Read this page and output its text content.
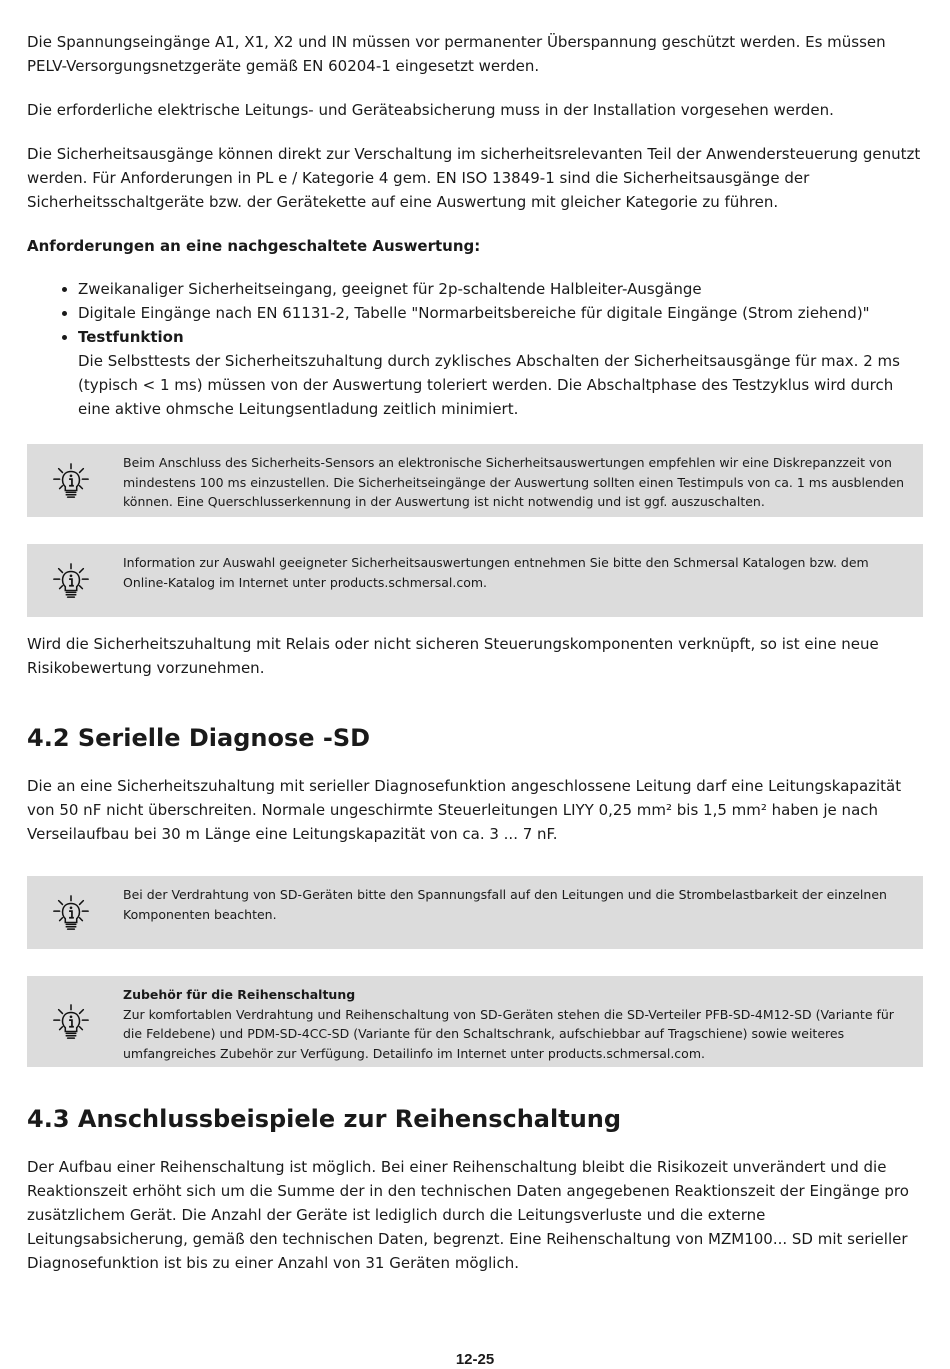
Die Spannungseingänge A1, X1, X2 und IN müssen vor permanenter Überspannung geschützt werden. Es müssen PELV-Versorgungsnetzgeräte gemäß EN 60204-1 eingesetzt werden.

Die erforderliche elektrische Leitungs- und Geräteabsicherung muss in der Installation vorgesehen werden.

Die Sicherheitsausgänge können direkt zur Verschaltung im sicherheitsrelevanten Teil der Anwendersteuerung genutzt werden. Für Anforderungen in PL e / Kategorie 4 gem. EN ISO 13849-1 sind die Sicherheitsausgänge der Sicherheitsschaltgeräte bzw. der Gerätekette auf eine Auswertung mit gleicher Kategorie zu führen.

Anforderungen an eine nachgeschaltete Auswertung:

• Zweikanaliger Sicherheitseingang, geeignet für 2p-schaltende Halbleiter-Ausgänge
• Digitale Eingänge nach EN 61131-2, Tabelle "Normarbeitsbereiche für digitale Eingänge (Strom ziehend)"
• Testfunktion
Die Selbsttests der Sicherheitszuhaltung durch zyklisches Abschalten der Sicherheitsausgänge für max. 2 ms (typisch < 1 ms) müssen von der Auswertung toleriert werden. Die Abschaltphase des Testzyklus wird durch eine aktive ohmsche Leitungsentladung zeitlich minimiert.
Beim Anschluss des Sicherheits-Sensors an elektronische Sicherheitsauswertungen empfehlen wir eine Diskrepanzzeit von mindestens 100 ms einzustellen. Die Sicherheitseingänge der Auswertung sollten einen Testimpuls von ca. 1 ms ausblenden können. Eine Querschlusserkennung in der Auswertung ist nicht notwendig und ist ggf. auszuschalten.
Information zur Auswahl geeigneter Sicherheitsauswertungen entnehmen Sie bitte den Schmersal Katalogen bzw. dem Online-Katalog im Internet unter products.schmersal.com.

Wird die Sicherheitszuhaltung mit Relais oder nicht sicheren Steuerungskomponenten verknüpft, so ist eine neue Risikobewertung vorzunehmen.

4.2 Serielle Diagnose -SD

Die an eine Sicherheitszuhaltung mit serieller Diagnosefunktion angeschlossene Leitung darf eine Leitungskapazität von 50 nF nicht überschreiten. Normale ungeschirmte Steuerleitungen LIYY 0,25 mm² bis 1,5 mm² haben je nach Verseilaufbau bei 30 m Länge eine Leitungskapazität von ca. 3 ... 7 nF.

Bei der Verdrahtung von SD-Geräten bitte den Spannungsfall auf den Leitungen und die Strombelastbarkeit der einzelnen Komponenten beachten.
Zubehör für die Reihenschaltung
Zur komfortablen Verdrahtung und Reihenschaltung von SD-Geräten stehen die SD-Verteiler PFB-SD-4M12-SD (Variante für die Feldebene) und PDM-SD-4CC-SD (Variante für den Schaltschrank, aufschiebbar auf Tragschiene) sowie weiteres umfangreiches Zubehör zur Verfügung. Detailinfo im Internet unter products.schmersal.com.
4.3 Anschlussbeispiele zur Reihenschaltung

Der Aufbau einer Reihenschaltung ist möglich. Bei einer Reihenschaltung bleibt die Risikozeit unverändert und die Reaktionszeit erhöht sich um die Summe der in den technischen Daten angegebenen Reaktionszeit der Eingänge pro zusätzlichem Gerät. Die Anzahl der Geräte ist lediglich durch die Leitungsverluste und die externe Leitungsabsicherung, gemäß den technischen Daten, begrenzt. Eine Reihenschaltung von MZM100... SD mit serieller Diagnosefunktion ist bis zu einer Anzahl von 31 Geräten möglich.

12-25
